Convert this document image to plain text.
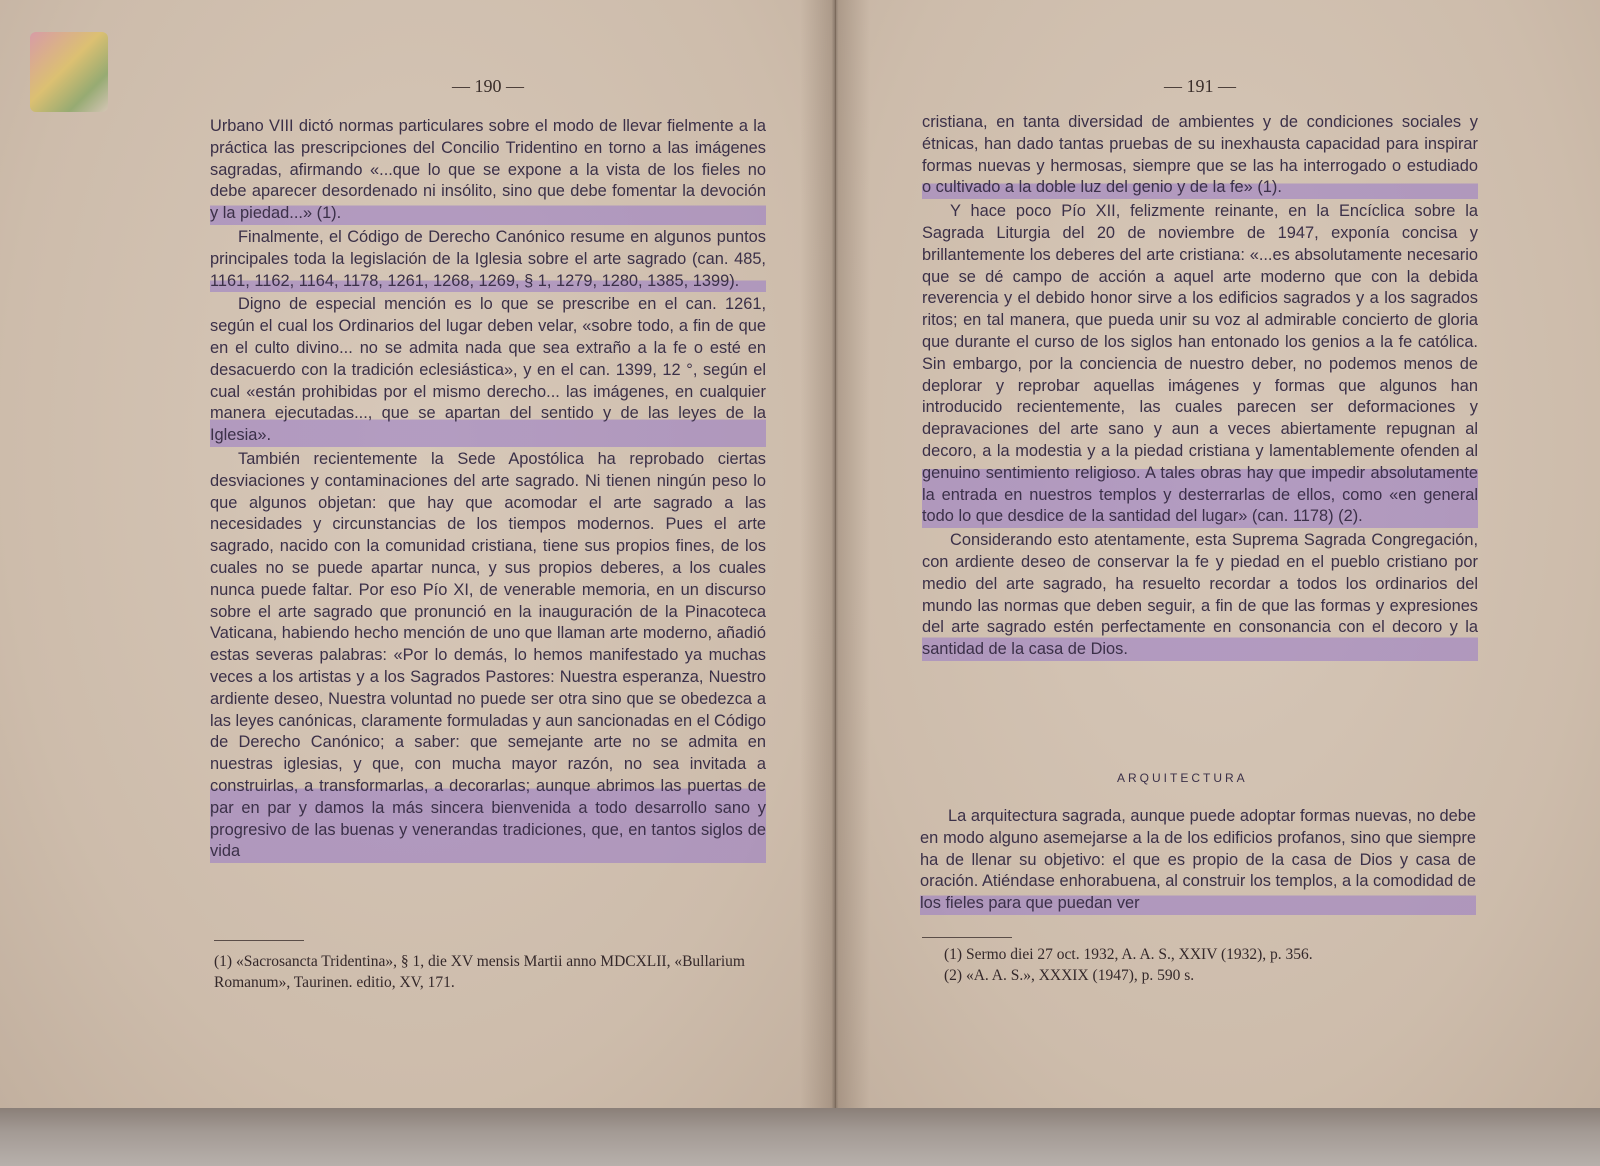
— 190 —	— 191 —

Urbano VIII dictó normas particulares sobre el modo de llevar fielmente a la práctica las prescripciones del Concilio Tridentino en torno a las imágenes sagradas, afirmando «...que lo que se expone a la vista de los fieles no debe aparecer desordenado ni insólito, sino que debe fomentar la devoción y la piedad...» (1).

Finalmente, el Código de Derecho Canónico resume en algunos puntos principales toda la legislación de la Iglesia sobre el arte sagrado (can. 485, 1161, 1162, 1164, 1178, 1261, 1268, 1269, § 1, 1279, 1280, 1385, 1399).

Digno de especial mención es lo que se prescribe en el can. 1261, según el cual los Ordinarios del lugar deben velar, «sobre todo, a fin de que en el culto divino... no se admita nada que sea extraño a la fe o esté en desacuerdo con la tradición eclesiástica», y en el can. 1399, 12 °, según el cual «están prohibidas por el mismo derecho... las imágenes, en cualquier manera ejecutadas..., que se apartan del sentido y de las leyes de la Iglesia».

También recientemente la Sede Apostólica ha reprobado ciertas desviaciones y contaminaciones del arte sagrado. Ni tienen ningún peso lo que algunos objetan: que hay que acomodar el arte sagrado a las necesidades y circunstancias de los tiempos modernos. Pues el arte sagrado, nacido con la comunidad cristiana, tiene sus propios fines, de los cuales no se puede apartar nunca, y sus propios deberes, a los cuales nunca puede faltar. Por eso Pío XI, de venerable memoria, en un discurso sobre el arte sagrado que pronunció en la inauguración de la Pinacoteca Vaticana, habiendo hecho mención de uno que llaman arte moderno, añadió estas severas palabras: «Por lo demás, lo hemos manifestado ya muchas veces a los artistas y a los Sagrados Pastores: Nuestra esperanza, Nuestro ardiente deseo, Nuestra voluntad no puede ser otra sino que se obedezca a las leyes canónicas, claramente formuladas y aun sancionadas en el Código de Derecho Canónico; a saber: que semejante arte no se admita en nuestras iglesias, y que, con mucha mayor razón, no sea invitada a construirlas, a transformarlas, a decorarlas; aunque abrimos las puertas de par en par y damos la más sincera bienvenida a todo desarrollo sano y progresivo de las buenas y venerandas tradiciones, que, en tantos siglos de vida

(1) «Sacrosancta Tridentina», § 1, die XV mensis Martii anno MDCXLII, «Bullarium Romanum», Taurinen. editio, XV, 171.

cristiana, en tanta diversidad de ambientes y de condiciones sociales y étnicas, han dado tantas pruebas de su inexhausta capacidad para inspirar formas nuevas y hermosas, siempre que se las ha interrogado o estudiado o cultivado a la doble luz del genio y de la fe» (1).

Y hace poco Pío XII, felizmente reinante, en la Encíclica sobre la Sagrada Liturgia del 20 de noviembre de 1947, exponía concisa y brillantemente los deberes del arte cristiana: «...es absolutamente necesario que se dé campo de acción a aquel arte moderno que con la debida reverencia y el debido honor sirve a los edificios sagrados y a los sagrados ritos; en tal manera, que pueda unir su voz al admirable concierto de gloria que durante el curso de los siglos han entonado los genios a la fe católica. Sin embargo, por la conciencia de nuestro deber, no podemos menos de deplorar y reprobar aquellas imágenes y formas que algunos han introducido recientemente, las cuales parecen ser deformaciones y depravaciones del arte sano y aun a veces abiertamente repugnan al decoro, a la modestia y a la piedad cristiana y lamentablemente ofenden al genuino sentimiento religioso. A tales obras hay que impedir absolutamente la entrada en nuestros templos y desterrarlas de ellos, como «en general todo lo que desdice de la santidad del lugar» (can. 1178) (2).

Considerando esto atentamente, esta Suprema Sagrada Congregación, con ardiente deseo de conservar la fe y piedad en el pueblo cristiano por medio del arte sagrado, ha resuelto recordar a todos los ordinarios del mundo las normas que deben seguir, a fin de que las formas y expresiones del arte sagrado estén perfectamente en consonancia con el decoro y la santidad de la casa de Dios.

ARQUITECTURA

La arquitectura sagrada, aunque puede adoptar formas nuevas, no debe en modo alguno asemejarse a la de los edificios profanos, sino que siempre ha de llenar su objetivo: el que es propio de la casa de Dios y casa de oración. Atiéndase enhorabuena, al construir los templos, a la comodidad de los fieles para que puedan ver

(1) Sermo diei 27 oct. 1932, A. A. S., XXIV (1932), p. 356.
(2) «A. A. S.», XXXIX (1947), p. 590 s.
